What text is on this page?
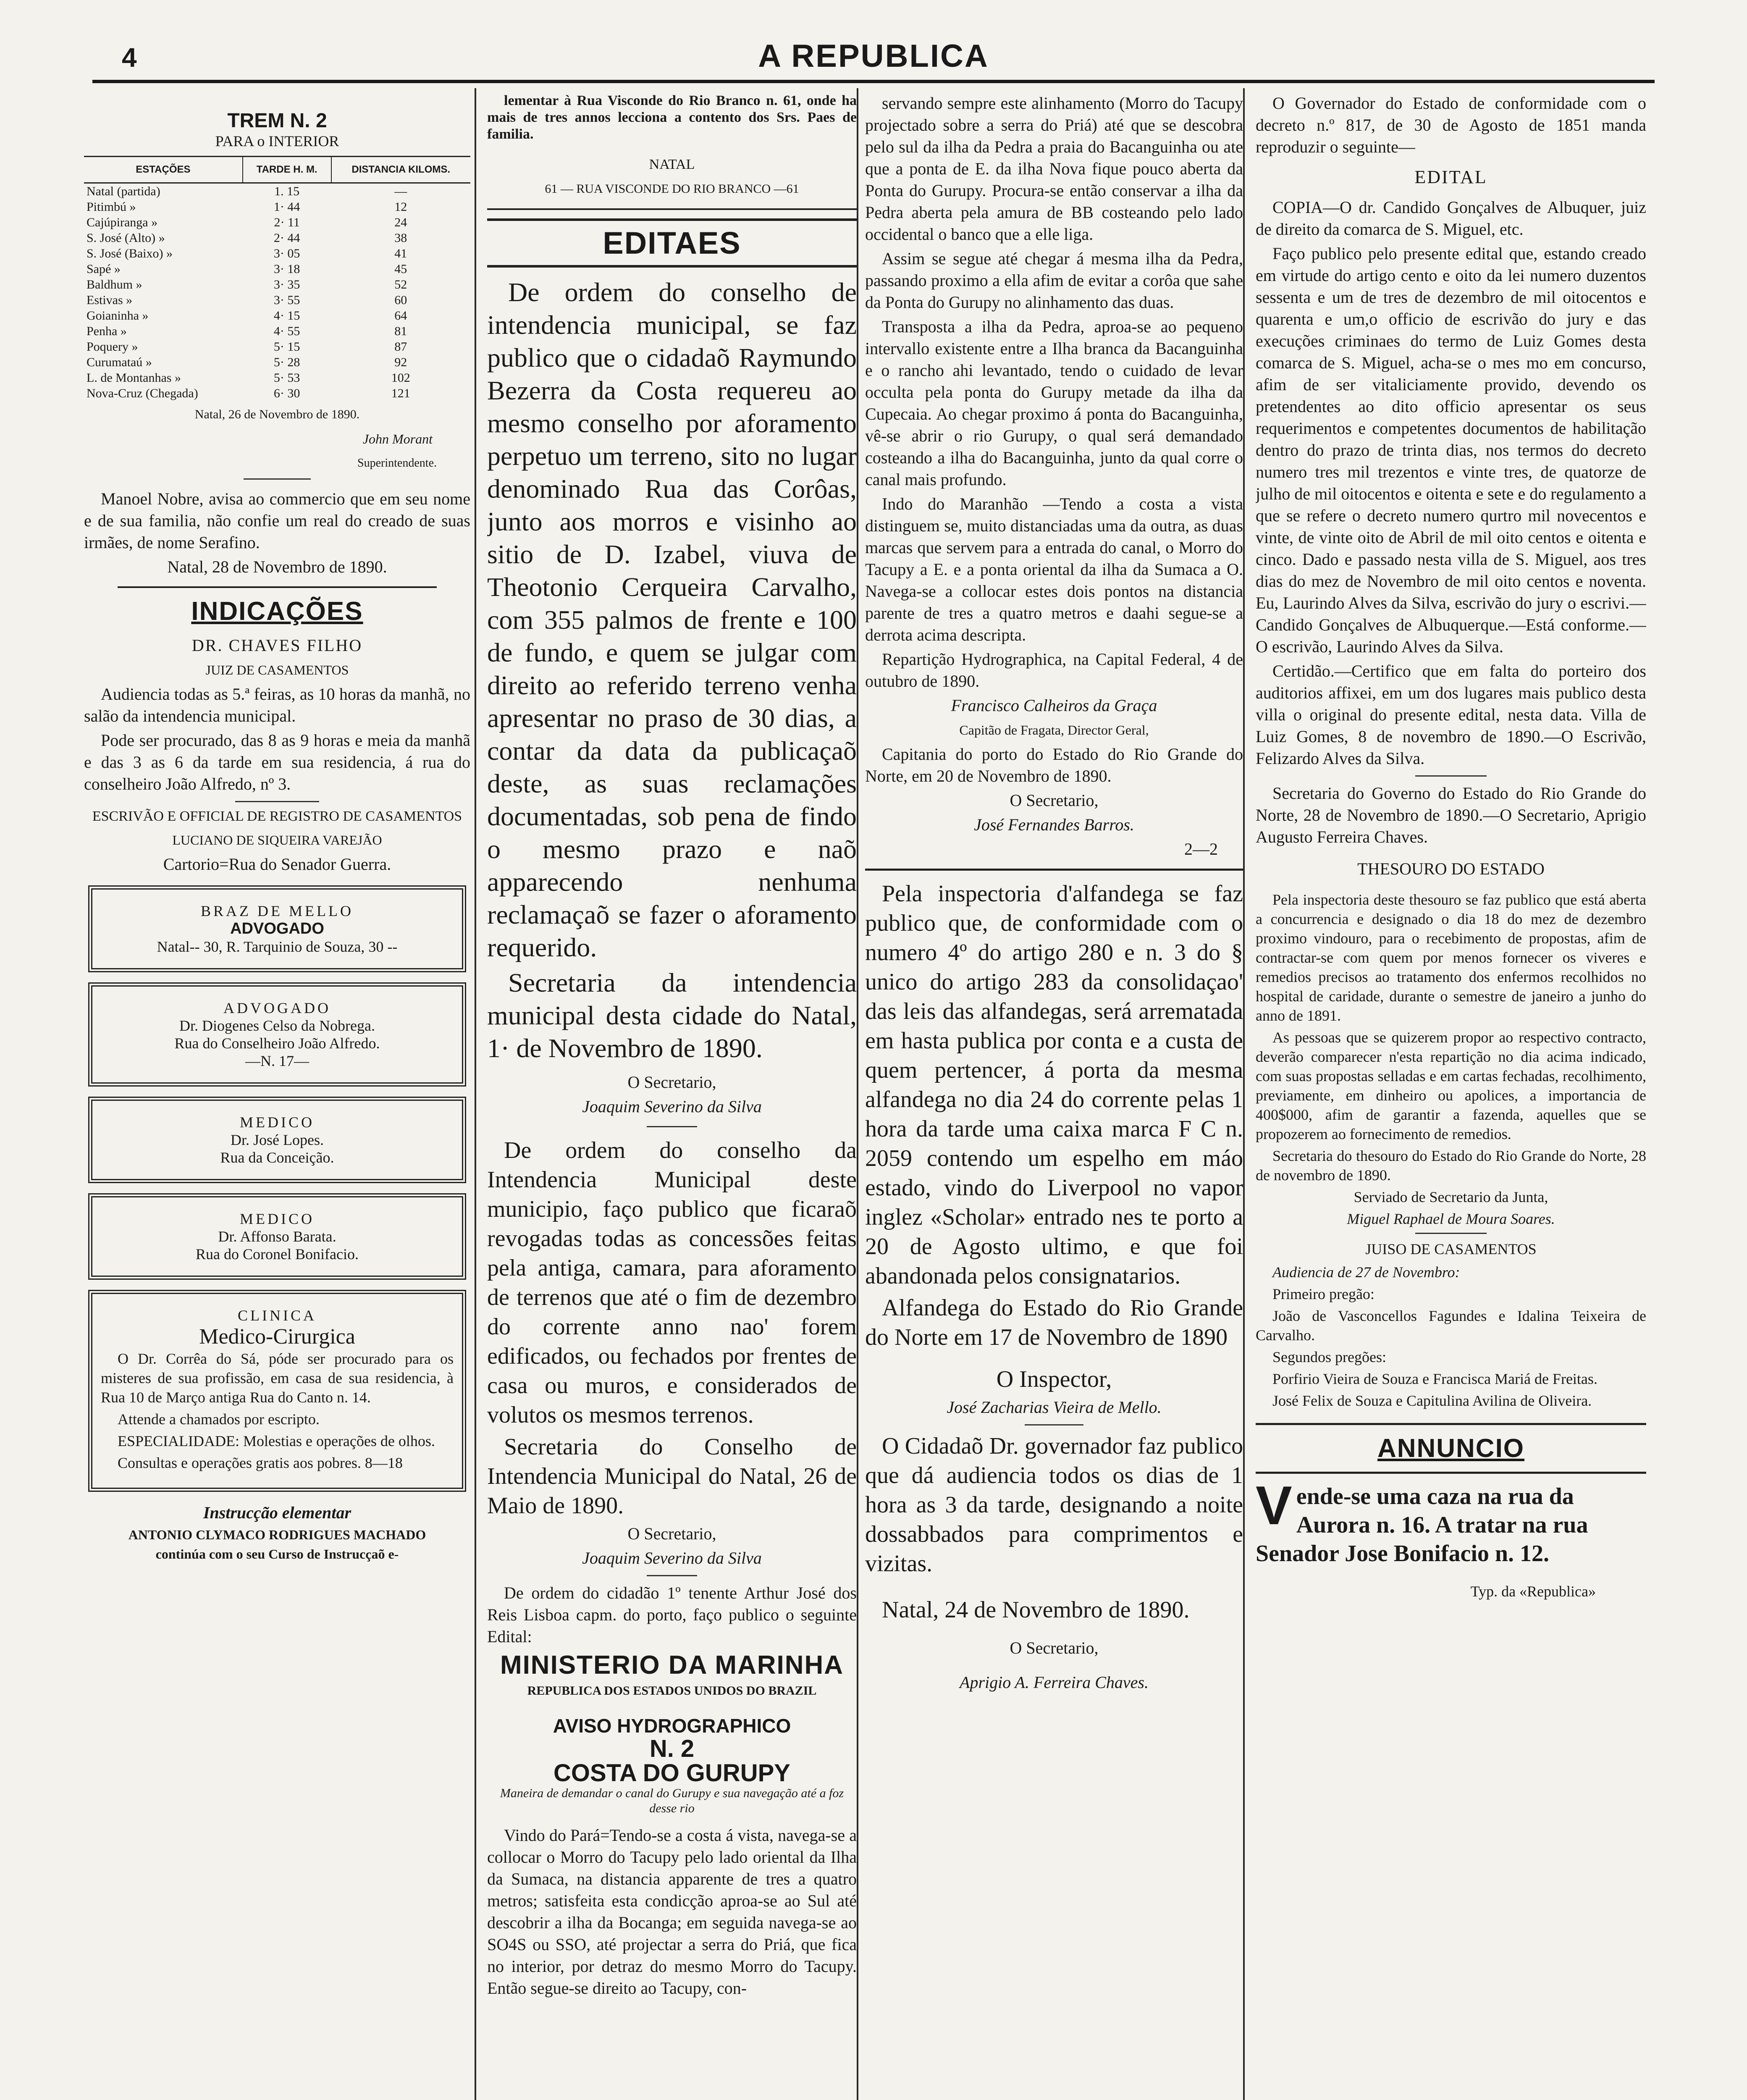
4	A REPUBLICA
TREM N. 2
PARA o INTERIOR
ESTAÇÕES	TARDE H. M.	DISTANCIA KILOMS.
Natal (partida)	1. 15	—
Pitimbú »	1· 44	12
Cajúpiranga »	2· 11	24
S. José (Alto) »	2· 44	38
S. José (Baixo) »	3· 05	41
Sapé »	3· 18	45
Baldhum »	3· 35	52
Estivas »	3· 55	60
Goianinha »	4· 15	64
Penha »	4· 55	81
Poquery »	5· 15	87
Curumataú »	5· 28	92
L. de Montanhas »	5· 53	102
Nova-Cruz (Chegada)	6· 30	121

Natal, 26 de Novembro de 1890.

John Morant

Superintendente.

Manoel Nobre, avisa ao commercio que em seu nome e de sua familia, não confie um real do creado de suas irmães, de nome Serafino.

Natal, 28 de Novembro de 1890.

INDICAÇÕES

DR. CHAVES FILHO

JUIZ DE CASAMENTOS

Audiencia todas as 5.ª feiras, as 10 horas da manhã, no salão da intendencia municipal.

Pode ser procurado, das 8 as 9 horas e meia da manhã e das 3 as 6 da tarde em sua residencia, á rua do conselheiro João Alfredo, nº 3.

ESCRIVÃO E OFFICIAL DE REGISTRO DE CASAMENTOS

LUCIANO DE SIQUEIRA VAREJÃO

Cartorio=Rua do Senador Guerra.

BRAZ DE MELLO
ADVOGADO
Natal-- 30, R. Tarquinio de Souza, 30 --
ADVOGADO
Dr. Diogenes Celso da Nobrega.
Rua do Conselheiro João Alfredo.
—N. 17—
MEDICO
Dr. José Lopes.
Rua da Conceição.
MEDICO
Dr. Affonso Barata.
Rua do Coronel Bonifacio.
CLINICA
Medico-Cirurgica

O Dr. Corrêa do Sá, póde ser procurado para os misteres de sua profissão, em casa de sua residencia, à Rua 10 de Março antiga Rua do Canto n. 14.

Attende a chamados por escripto.

ESPECIALIDADE: Molestias e operações de olhos.

Consultas e operações gratis aos pobres. 8—18

Instrucção elementar

ANTONIO CLYMACO RODRIGUES MACHADO

continúa com o seu Curso de Instrucçaõ e-

lementar à Rua Visconde do Rio Branco n. 61, onde ha mais de tres annos lecciona a contento dos Srs. Paes de familia.

NATAL

61 — RUA VISCONDE DO RIO BRANCO —61

EDITAES

De ordem do conselho de intendencia municipal, se faz publico que o cidadaõ Raymundo Bezerra da Costa requereu ao mesmo conselho por aforamento perpetuo um terreno, sito no lugar denominado Rua das Corôas, junto aos morros e visinho ao sitio de D. Izabel, viuva de Theotonio Cerqueira Carvalho, com 355 palmos de frente e 100 de fundo, e quem se julgar com direito ao referido terreno venha apresentar no praso de 30 dias, a contar da data da publicaçaõ deste, as suas reclamações documentadas, sob pena de findo o mesmo prazo e naõ apparecendo nenhuma reclamaçaõ se fazer o aforamento requerido.

Secretaria da intendencia municipal desta cidade do Natal, 1· de Novembro de 1890.

O Secretario,

Joaquim Severino da Silva

De ordem do conselho da Intendencia Municipal deste municipio, faço publico que ficaraõ revogadas todas as concessões feitas pela antiga, camara, para aforamento de terrenos que até o fim de dezembro do corrente anno nao' forem edificados, ou fechados por frentes de casa ou muros, e considerados de volutos os mesmos terrenos.

Secretaria do Conselho de Intendencia Municipal do Natal, 26 de Maio de 1890.

O Secretario,

Joaquim Severino da Silva

De ordem do cidadão 1º tenente Arthur José dos Reis Lisboa capm. do porto, faço publico o seguinte Edital:

MINISTERIO DA MARINHA

REPUBLICA DOS ESTADOS UNIDOS DO BRAZIL

AVISO HYDROGRAPHICO
N. 2
COSTA DO GURUPY

Maneira de demandar o canal do Gurupy e sua navegação até a foz desse rio

Vindo do Pará=Tendo-se a costa á vista, navega-se a collocar o Morro do Tacupy pelo lado oriental da Ilha da Sumaca, na distancia apparente de tres a quatro metros; satisfeita esta condicção aproa-se ao Sul até descobrir a ilha da Bocanga; em seguida navega-se ao SO4S ou SSO, até projectar a serra do Priá, que fica no interior, por detraz do mesmo Morro do Tacupy. Então segue-se direito ao Tacupy, con-

servando sempre este alinhamento (Morro do Tacupy projectado sobre a serra do Priá) até que se descobra pelo sul da ilha da Pedra a praia do Bacanguinha ou ate que a ponta de E. da ilha Nova fique pouco aberta da Ponta do Gurupy. Procura-se então conservar a ilha da Pedra aberta pela amura de BB costeando pelo lado occidental o banco que a elle liga.

Assim se segue até chegar á mesma ilha da Pedra, passando proximo a ella afim de evitar a corôa que sahe da Ponta do Gurupy no alinhamento das duas.

Transposta a ilha da Pedra, aproa-se ao pequeno intervallo existente entre a Ilha branca da Bacanguinha e o rancho ahi levantado, tendo o cuidado de levar occulta pela ponta do Gurupy metade da ilha da Cupecaia. Ao chegar proximo á ponta do Bacanguinha, vê-se abrir o rio Gurupy, o qual será demandado costeando a ilha do Bacanguinha, junto da qual corre o canal mais profundo.

Indo do Maranhão —Tendo a costa a vista distinguem se, muito distanciadas uma da outra, as duas marcas que servem para a entrada do canal, o Morro do Tacupy a E. e a ponta oriental da ilha da Sumaca a O. Navega-se a collocar estes dois pontos na distancia parente de tres a quatro metros e daahi segue-se a derrota acima descripta.

Repartição Hydrographica, na Capital Federal, 4 de outubro de 1890.

Francisco Calheiros da Graça

Capitão de Fragata, Director Geral,

Capitania do porto do Estado do Rio Grande do Norte, em 20 de Novembro de 1890.

O Secretario,

José Fernandes Barros.

2—2

Pela inspectoria d'alfandega se faz publico que, de conformidade com o numero 4º do artigo 280 e n. 3 do § unico do artigo 283 da consolidaçao' das leis das alfandegas, será arrematada em hasta publica por conta e a custa de quem pertencer, á porta da mesma alfandega no dia 24 do corrente pelas 1 hora da tarde uma caixa marca F C n. 2059 contendo um espelho em máo estado, vindo do Liverpool no vapor inglez «Scholar» entrado nes te porto a 20 de Agosto ultimo, e que foi abandonada pelos consignatarios.

Alfandega do Estado do Rio Grande do Norte em 17 de Novembro de 1890

O Inspector,

José Zacharias Vieira de Mello.

O Cidadaõ Dr. governador faz publico que dá audiencia todos os dias de 1 hora as 3 da tarde, designando a noite dossabbados para comprimentos e vizitas.

Natal, 24 de Novembro de 1890.

O Secretario,

Aprigio A. Ferreira Chaves.

O Governador do Estado de conformidade com o decreto n.º 817, de 30 de Agosto de 1851 manda reproduzir o seguinte—

EDITAL

COPIA—O dr. Candido Gonçalves de Albuquer, juiz de direito da comarca de S. Miguel, etc.

Faço publico pelo presente edital que, estando creado em virtude do artigo cento e oito da lei numero duzentos sessenta e um de tres de dezembro de mil oitocentos e quarenta e um,o officio de escrivão do jury e das execuções criminaes do termo de Luiz Gomes desta comarca de S. Miguel, acha-se o mes mo em concurso, afim de ser vitaliciamente provido, devendo os pretendentes ao dito officio apresentar os seus requerimentos e competentes documentos de habilitação dentro do prazo de trinta dias, nos termos do decreto numero tres mil trezentos e vinte tres, de quatorze de julho de mil oitocentos e oitenta e sete e do regulamento a que se refere o decreto numero qurtro mil novecentos e vinte, de vinte oito de Abril de mil oito centos e oitenta e cinco. Dado e passado nesta villa de S. Miguel, aos tres dias do mez de Novembro de mil oito centos e noventa. Eu, Laurindo Alves da Silva, escrivão do jury o escrivi.— Candido Gonçalves de Albuquerque.—Está conforme.—O escrivão, Laurindo Alves da Silva.

Certidão.—Certifico que em falta do porteiro dos auditorios affixei, em um dos lugares mais publico desta villa o original do presente edital, nesta data. Villa de Luiz Gomes, 8 de novembro de 1890.—O Escrivão, Felizardo Alves da Silva.

Secretaria do Governo do Estado do Rio Grande do Norte, 28 de Novembro de 1890.—O Secretario, Aprigio Augusto Ferreira Chaves.

THESOURO DO ESTADO

Pela inspectoria deste thesouro se faz publico que está aberta a concurrencia e designado o dia 18 do mez de dezembro proximo vindouro, para o recebimento de propostas, afim de contractar-se com quem por menos fornecer os viveres e remedios precisos ao tratamento dos enfermos recolhidos no hospital de caridade, durante o semestre de janeiro a junho do anno de 1891.

As pessoas que se quizerem propor ao respectivo contracto, deverão comparecer n'esta repartição no dia acima indicado, com suas propostas selladas e em cartas fechadas, recolhimento, previamente, em dinheiro ou apolices, a importancia de 400$000, afim de garantir a fazenda, aquelles que se propozerem ao fornecimento de remedios.

Secretaria do thesouro do Estado do Rio Grande do Norte, 28 de novembro de 1890.

Serviado de Secretario da Junta,

Miguel Raphael de Moura Soares.

JUISO DE CASAMENTOS

Audiencia de 27 de Novembro:

Primeiro pregão:

João de Vasconcellos Fagundes e Idalina Teixeira de Carvalho.

Segundos pregões:

Porfirio Vieira de Souza e Francisca Mariá de Freitas.

José Felix de Souza e Capitulina Avilina de Oliveira.

ANNUNCIO
V ende-se uma caza na rua da Aurora n. 16. A tratar na rua Senador Jose Bonifacio n. 12.

Typ. da «Republica»
